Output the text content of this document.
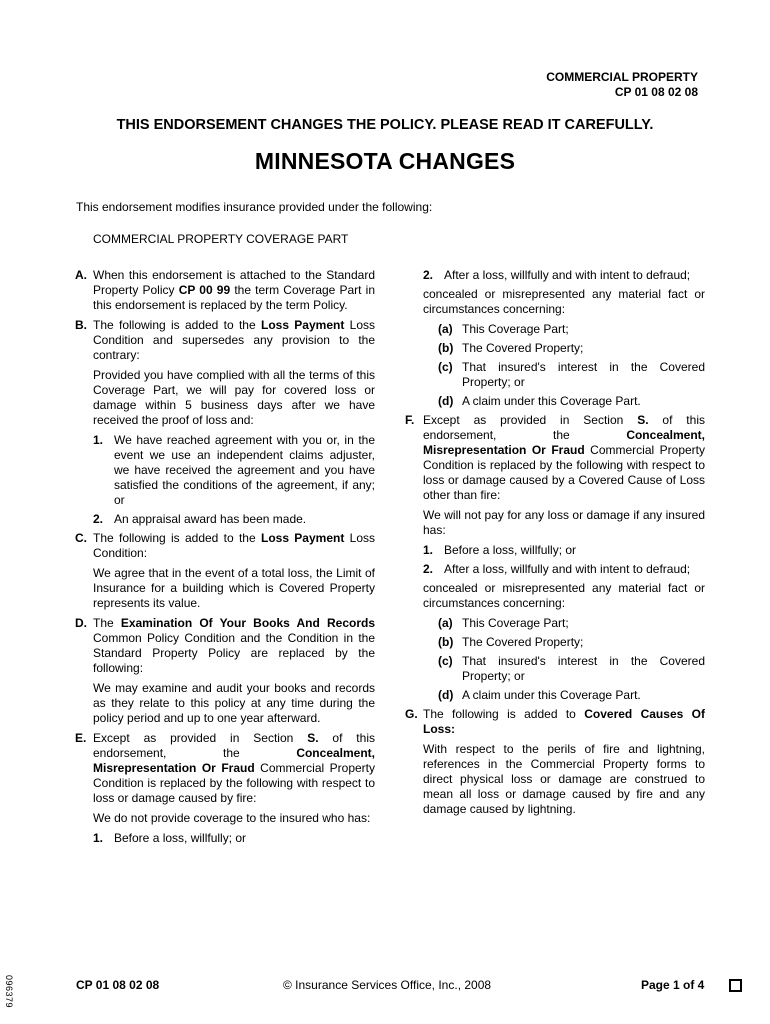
COMMERCIAL PROPERTY
CP 01 08 02 08
THIS ENDORSEMENT CHANGES THE POLICY. PLEASE READ IT CAREFULLY.
MINNESOTA CHANGES
This endorsement modifies insurance provided under the following:
COMMERCIAL PROPERTY COVERAGE PART
A. When this endorsement is attached to the Standard Property Policy CP 00 99 the term Coverage Part in this endorsement is replaced by the term Policy.

B. The following is added to the Loss Payment Loss Condition and supersedes any provision to the contrary:

Provided you have complied with all the terms of this Coverage Part, we will pay for covered loss or damage within 5 business days after we have received the proof of loss and:

1. We have reached agreement with you or, in the event we use an independent claims adjuster, we have received the agreement and you have satisfied the conditions of the agreement, if any; or
2. An appraisal award has been made.
C. The following is added to the Loss Payment Loss Condition:

We agree that in the event of a total loss, the Limit of Insurance for a building which is Covered Property represents its value.

D. The Examination Of Your Books And Records Common Policy Condition and the Condition in the Standard Property Policy are replaced by the following:

We may examine and audit your books and records as they relate to this policy at any time during the policy period and up to one year afterward.

E. Except as provided in Section S. of this endorsement, the Concealment, Misrepresentation Or Fraud Commercial Property Condition is replaced by the following with respect to loss or damage caused by fire:

We do not provide coverage to the insured who has:

1. Before a loss, willfully; or
2. After a loss, willfully and with intent to defraud;

concealed or misrepresented any material fact or circumstances concerning:

(a) This Coverage Part;
(b) The Covered Property;
(c) That insured's interest in the Covered Property; or
(d) A claim under this Coverage Part.
F. Except as provided in Section S. of this endorsement, the Concealment, Misrepresentation Or Fraud Commercial Property Condition is replaced by the following with respect to loss or damage caused by a Covered Cause of Loss other than fire:

We will not pay for any loss or damage if any insured has:

1. Before a loss, willfully; or
2. After a loss, willfully and with intent to defraud;

concealed or misrepresented any material fact or circumstances concerning:

(a) This Coverage Part;
(b) The Covered Property;
(c) That insured's interest in the Covered Property; or
(d) A claim under this Coverage Part.
G. The following is added to Covered Causes Of Loss:

With respect to the perils of fire and lightning, references in the Commercial Property forms to direct physical loss or damage are construed to mean all loss or damage caused by fire and any damage caused by lightning.

096379	CP 01 08 02 08	© Insurance Services Office, Inc., 2008	Page 1 of 4
